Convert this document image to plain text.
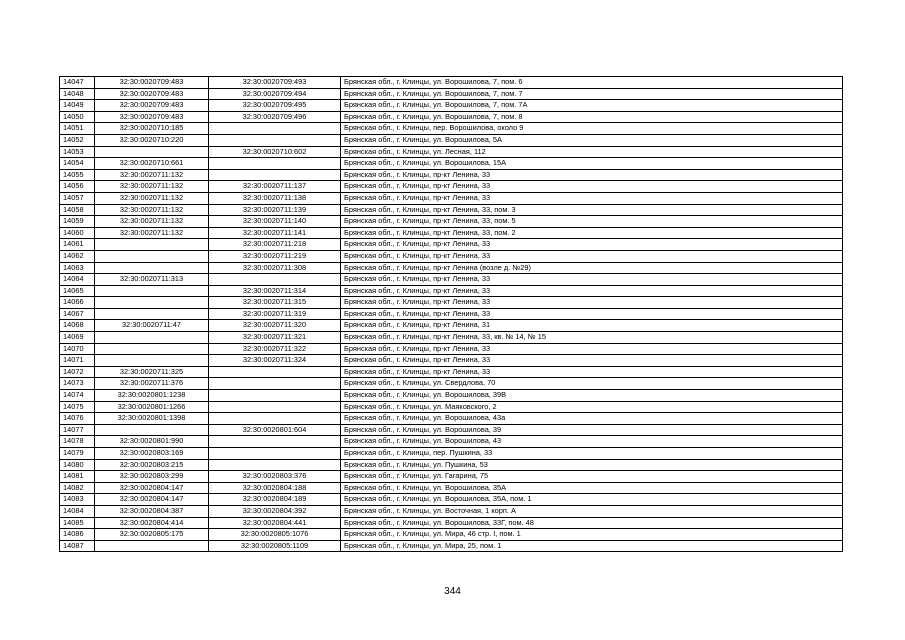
14047	32:30:0020709:483	32:30:0020709:493	Брянская обл., г. Клинцы, ул. Ворошилова, 7, пом. 6
14048	32:30:0020709:483	32:30:0020709:494	Брянская обл., г. Клинцы, ул. Ворошилова, 7, пом. 7
14049	32:30:0020709:483	32:30:0020709:495	Брянская обл., г. Клинцы, ул. Ворошилова, 7, пом. 7А
14050	32:30:0020709:483	32:30:0020709:496	Брянская обл., г. Клинцы, ул. Ворошилова, 7, пом. 8
14051	32:30:0020710:185		Брянская обл., г. Клинцы, пер. Ворошилова, около 9
14052	32:30:0020710:220		Брянская обл., г. Клинцы, ул. Ворошилова, 5А
14053		32:30:0020710:602	Брянская обл., г. Клинцы, ул. Лесная, 112
14054	32:30:0020710:661		Брянская обл., г. Клинцы, ул. Ворошилова, 15А
14055	32:30:0020711:132		Брянская обл., г. Клинцы, пр-кт Ленина, 33
14056	32:30:0020711:132	32:30:0020711:137	Брянская обл., г. Клинцы, пр-кт Ленина, 33
14057	32:30:0020711:132	32:30:0020711:138	Брянская обл., г. Клинцы, пр-кт Ленина, 33
14058	32:30:0020711:132	32:30:0020711:139	Брянская обл., г. Клинцы, пр-кт Ленина, 33, пом. 3
14059	32:30:0020711:132	32:30:0020711:140	Брянская обл., г. Клинцы, пр-кт Ленина, 33, пом. 5
14060	32:30:0020711:132	32:30:0020711:141	Брянская обл., г. Клинцы, пр-кт Ленина, 33, пом. 2
14061		32:30:0020711:218	Брянская обл., г. Клинцы, пр-кт Ленина, 33
14062		32:30:0020711:219	Брянская обл., г. Клинцы, пр-кт Ленина, 33
14063		32:30:0020711:308	Брянская обл., г. Клинцы, пр-кт Ленина (возле д. №29)
14064	32:30:0020711:313		Брянская обл., г. Клинцы, пр-кт Ленина, 33
14065		32:30:0020711:314	Брянская обл., г. Клинцы, пр-кт Ленина, 33
14066		32:30:0020711:315	Брянская обл., г. Клинцы, пр-кт Ленина, 33
14067		32:30:0020711:319	Брянская обл., г. Клинцы, пр-кт Ленина, 33
14068	32:30:0020711:47	32:30:0020711:320	Брянская обл., г. Клинцы, пр-кт Ленина, 31
14069		32:30:0020711:321	Брянская обл., г. Клинцы, пр-кт Ленина, 33, кв. № 14, № 15
14070		32:30:0020711:322	Брянская обл., г. Клинцы, пр-кт Ленина, 33
14071		32:30:0020711:324	Брянская обл., г. Клинцы, пр-кт Ленина, 33
14072	32:30:0020711:325		Брянская обл., г. Клинцы, пр-кт Ленина, 33
14073	32:30:0020711:376		Брянская обл., г. Клинцы, ул. Свердлова, 70
14074	32:30:0020801:1238		Брянская обл., г. Клинцы, ул. Ворошилова, 39В
14075	32:30:0020801:1266		Брянская обл., г. Клинцы, ул. Маяковского, 2
14076	32:30:0020801:1398		Брянская обл., г. Клинцы, ул. Ворошилова, 43а
14077		32:30:0020801:604	Брянская обл., г. Клинцы, ул. Ворошилова, 39
14078	32:30:0020801:990		Брянская обл., г. Клинцы, ул. Ворошилова, 43
14079	32:30:0020803:169		Брянская обл., г. Клинцы, пер. Пушкина, 33
14080	32:30:0020803:215		Брянская обл., г. Клинцы, ул. Пушкина, 53
14081	32:30:0020803:299	32:30:0020803:376	Брянская обл., г. Клинцы, ул. Гагарина, 75
14082	32:30:0020804:147	32:30:0020804:188	Брянская обл., г. Клинцы, ул. Ворошилова, 35А
14083	32:30:0020804:147	32:30:0020804:189	Брянская обл., г. Клинцы, ул. Ворошилова, 35А, пом. 1
14084	32:30:0020804:387	32:30:0020804:392	Брянская обл., г. Клинцы, ул. Восточная, 1 корп. А
14085	32:30:0020804:414	32:30:0020804:441	Брянская обл., г. Клинцы, ул. Ворошилова, 33Г, пом. 48
14086	32:30:0020805:175	32:30:0020805:1076	Брянская обл., г. Клинцы, ул. Мира, 46 стр. I, пом. 1
14087		32:30:0020805:1109	Брянская обл., г. Клинцы, ул. Мира, 25, пом. 1
344
